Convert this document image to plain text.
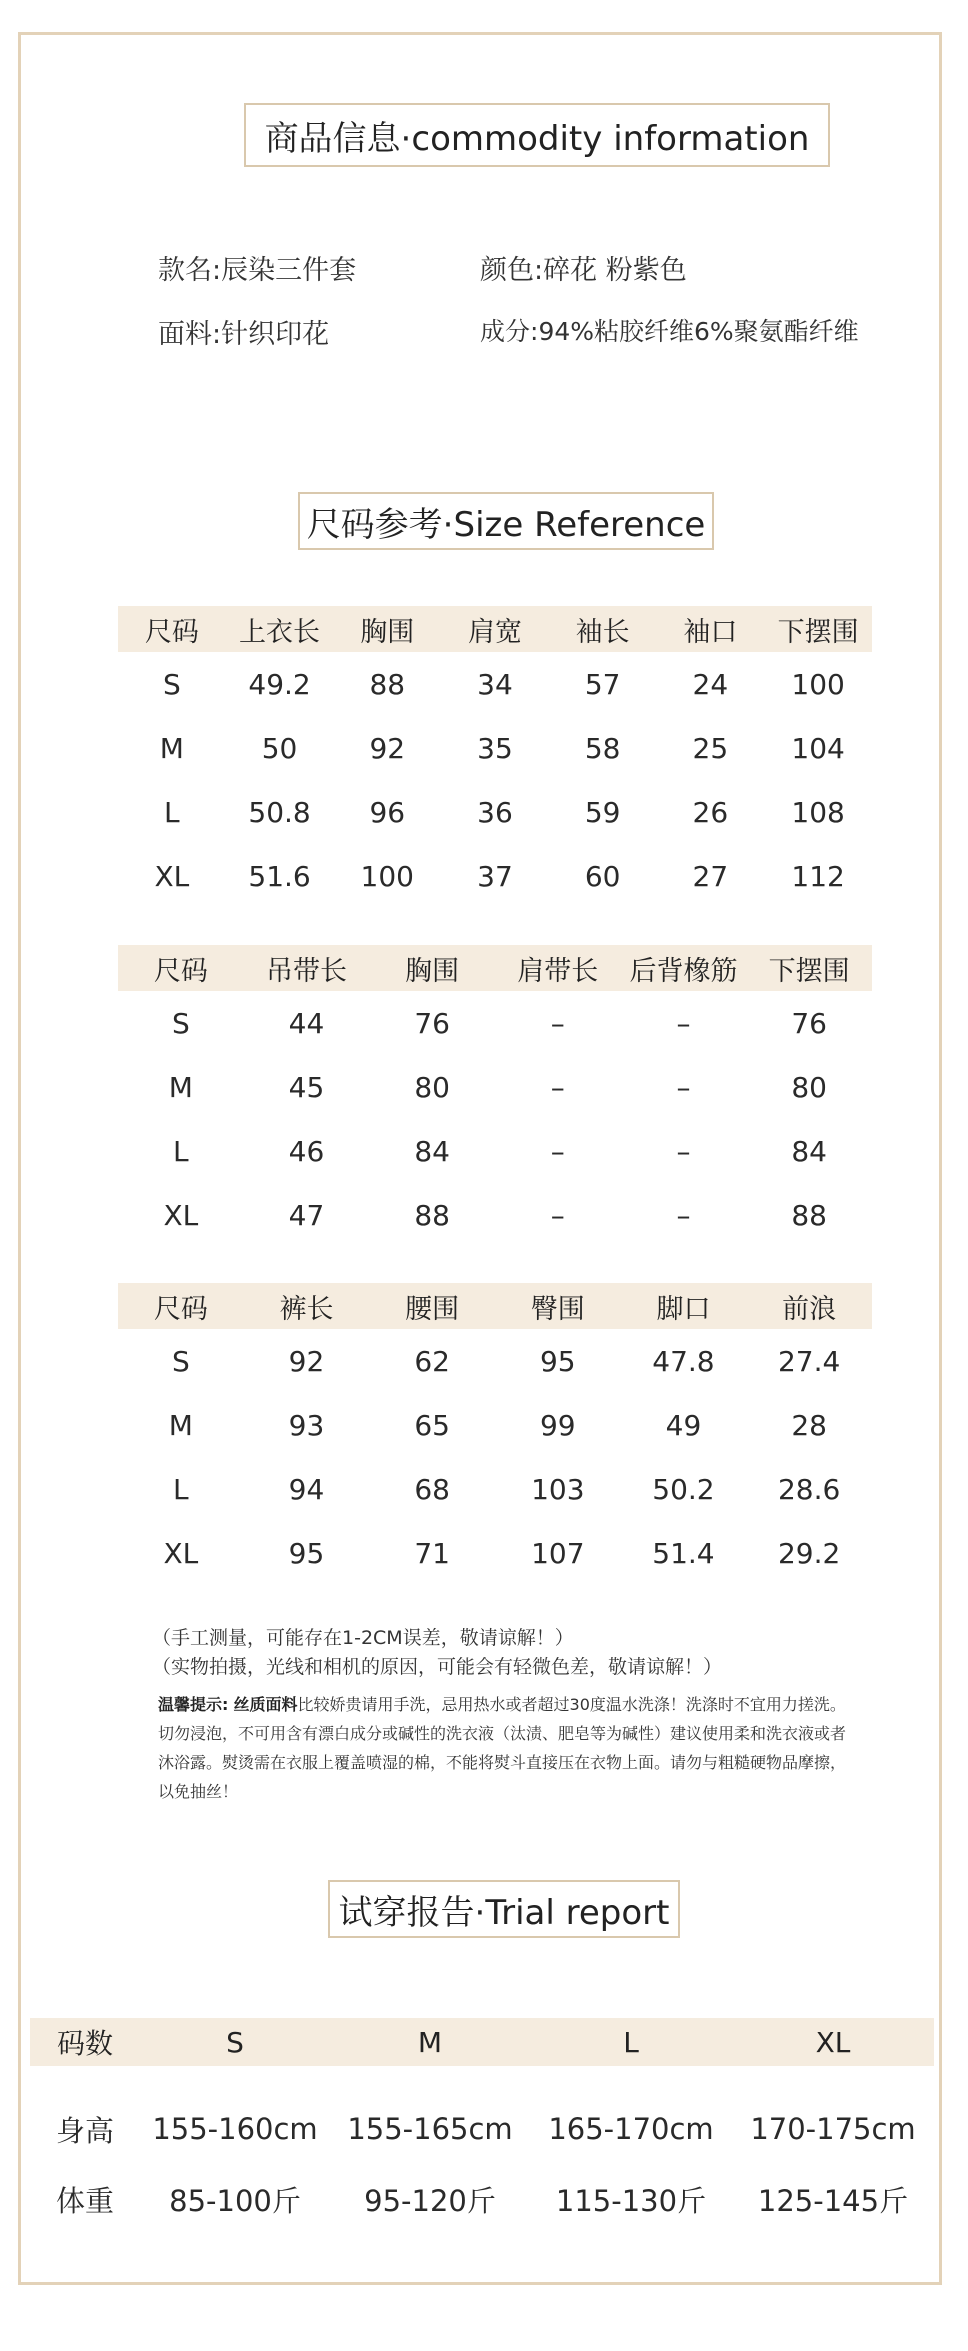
商品信息·commodity information
款名:辰染三件套	颜色:碎花 粉紫色
面料:针织印花	成分:94%粘胶纤维6%聚氨酯纤维
尺码参考·Size Reference
尺码	上衣长	胸围	肩宽	袖长	袖口	下摆围
S	49.2	88	34	57	24	100
M	50	92	35	58	25	104
L	50.8	96	36	59	26	108
XL	51.6	100	37	60	27	112
尺码	吊带长	胸围	肩带长	后背橡筋	下摆围
S	44	76	–	–	76
M	45	80	–	–	80
L	46	84	–	–	84
XL	47	88	–	–	88
尺码	裤长	腰围	臀围	脚口	前浪
S	92	62	95	47.8	27.4
M	93	65	99	49	28
L	94	68	103	50.2	28.6
XL	95	71	107	51.4	29.2
（手工测量，可能存在1-2CM误差，敬请谅解！）
（实物拍摄，光线和相机的原因，可能会有轻微色差，敬请谅解！）
温馨提示: 丝质面料比较娇贵请用手洗，忌用热水或者超过30度温水洗涤！洗涤时不宜用力搓洗。切勿浸泡，不可用含有漂白成分或碱性的洗衣液（汰渍、肥皂等为碱性）建议使用柔和洗衣液或者沐浴露。熨烫需在衣服上覆盖喷湿的棉，不能将熨斗直接压在衣物上面。请勿与粗糙硬物品摩擦，以免抽丝！
试穿报告·Trial report
码数	S	M	L	XL
身高	155-160cm	155-165cm	165-170cm	170-175cm
体重	85-100斤	95-120斤	115-130斤	125-145斤
